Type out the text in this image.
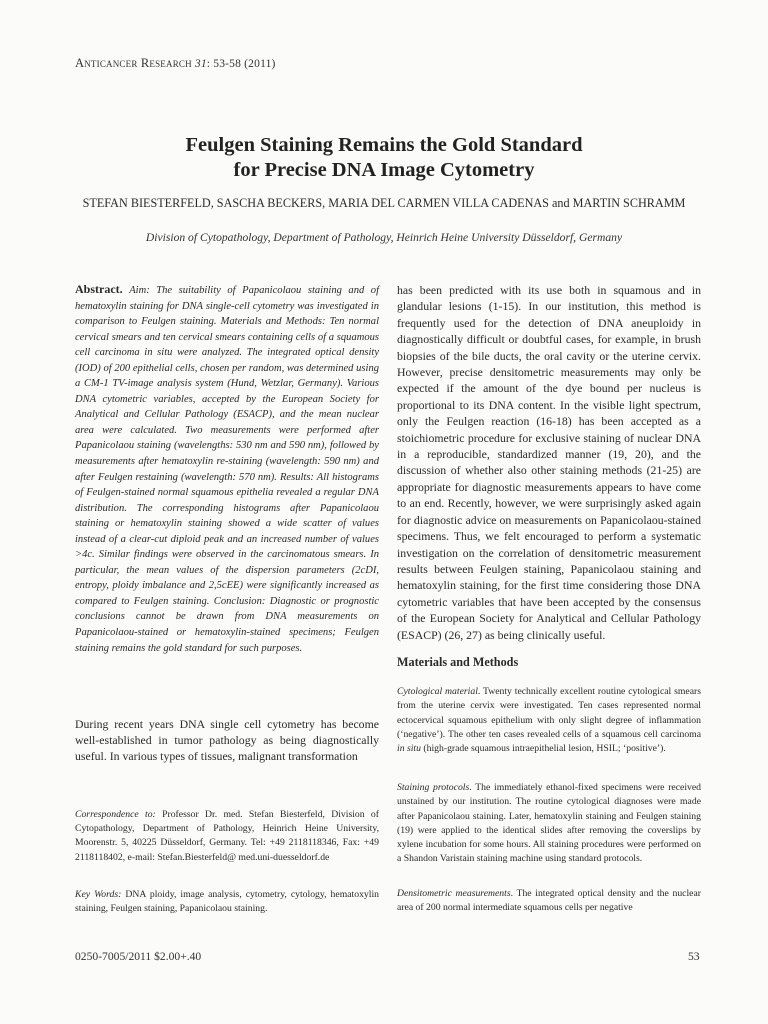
Anticancer Research 31: 53-58 (2011)
Feulgen Staining Remains the Gold Standard
for Precise DNA Image Cytometry
STEFAN BIESTERFELD, SASCHA BECKERS, MARIA DEL CARMEN VILLA CADENAS and MARTIN SCHRAMM
Division of Cytopathology, Department of Pathology, Heinrich Heine University Düsseldorf, Germany
Abstract. Aim: The suitability of Papanicolaou staining and of hematoxylin staining for DNA single-cell cytometry was investigated in comparison to Feulgen staining. Materials and Methods: Ten normal cervical smears and ten cervical smears containing cells of a squamous cell carcinoma in situ were analyzed. The integrated optical density (IOD) of 200 epithelial cells, chosen per random, was determined using a CM-1 TV-image analysis system (Hund, Wetzlar, Germany). Various DNA cytometric variables, accepted by the European Society for Analytical and Cellular Pathology (ESACP), and the mean nuclear area were calculated. Two measurements were performed after Papanicolaou staining (wavelengths: 530 nm and 590 nm), followed by measurements after hematoxylin re-staining (wavelength: 590 nm) and after Feulgen restaining (wavelength: 570 nm). Results: All histograms of Feulgen-stained normal squamous epithelia revealed a regular DNA distribution. The corresponding histograms after Papanicolaou staining or hematoxylin staining showed a wide scatter of values instead of a clear-cut diploid peak and an increased number of values >4c. Similar findings were observed in the carcinomatous smears. In particular, the mean values of the dispersion parameters (2cDI, entropy, ploidy imbalance and 2,5cEE) were significantly increased as compared to Feulgen staining. Conclusion: Diagnostic or prognostic conclusions cannot be drawn from DNA measurements on Papanicolaou-stained or hematoxylin-stained specimens; Feulgen staining remains the gold standard for such purposes.
During recent years DNA single cell cytometry has become well-established in tumor pathology as being diagnostically useful. In various types of tissues, malignant transformation
Correspondence to: Professor Dr. med. Stefan Biesterfeld, Division of Cytopathology, Department of Pathology, Heinrich Heine University, Moorenstr. 5, 40225 Düsseldorf, Germany. Tel: +49 2118118346, Fax: +49 2118118402, e-mail: Stefan.Biesterfeld@ med.uni-duesseldorf.de
Key Words: DNA ploidy, image analysis, cytometry, cytology, hematoxylin staining, Feulgen staining, Papanicolaou staining.
has been predicted with its use both in squamous and in glandular lesions (1-15). In our institution, this method is frequently used for the detection of DNA aneuploidy in diagnostically difficult or doubtful cases, for example, in brush biopsies of the bile ducts, the oral cavity or the uterine cervix. However, precise densitometric measurements may only be expected if the amount of the dye bound per nucleus is proportional to its DNA content. In the visible light spectrum, only the Feulgen reaction (16-18) has been accepted as a stoichiometric procedure for exclusive staining of nuclear DNA in a reproducible, standardized manner (19, 20), and the discussion of whether also other staining methods (21-25) are appropriate for diagnostic measurements appears to have come to an end. Recently, however, we were surprisingly asked again for diagnostic advice on measurements on Papanicolaou-stained specimens. Thus, we felt encouraged to perform a systematic investigation on the correlation of densitometric measurement results between Feulgen staining, Papanicolaou staining and hematoxylin staining, for the first time considering those DNA cytometric variables that have been accepted by the consensus of the European Society for Analytical and Cellular Pathology (ESACP) (26, 27) as being clinically useful.
Materials and Methods
Cytological material. Twenty technically excellent routine cytological smears from the uterine cervix were investigated. Ten cases represented normal ectocervical squamous epithelium with only slight degree of inflammation (‘negative’). The other ten cases revealed cells of a squamous cell carcinoma in situ (high-grade squamous intraepithelial lesion, HSIL; ‘positive’).
Staining protocols. The immediately ethanol-fixed specimens were received unstained by our institution. The routine cytological diagnoses were made after Papanicolaou staining. Later, hematoxylin staining and Feulgen staining (19) were applied to the identical slides after removing the coverslips by xylene incubation for some hours. All staining procedures were performed on a Shandon Varistain staining machine using standard protocols.
Densitometric measurements. The integrated optical density and the nuclear area of 200 normal intermediate squamous cells per negative
0250-7005/2011 $2.00+.40	53
